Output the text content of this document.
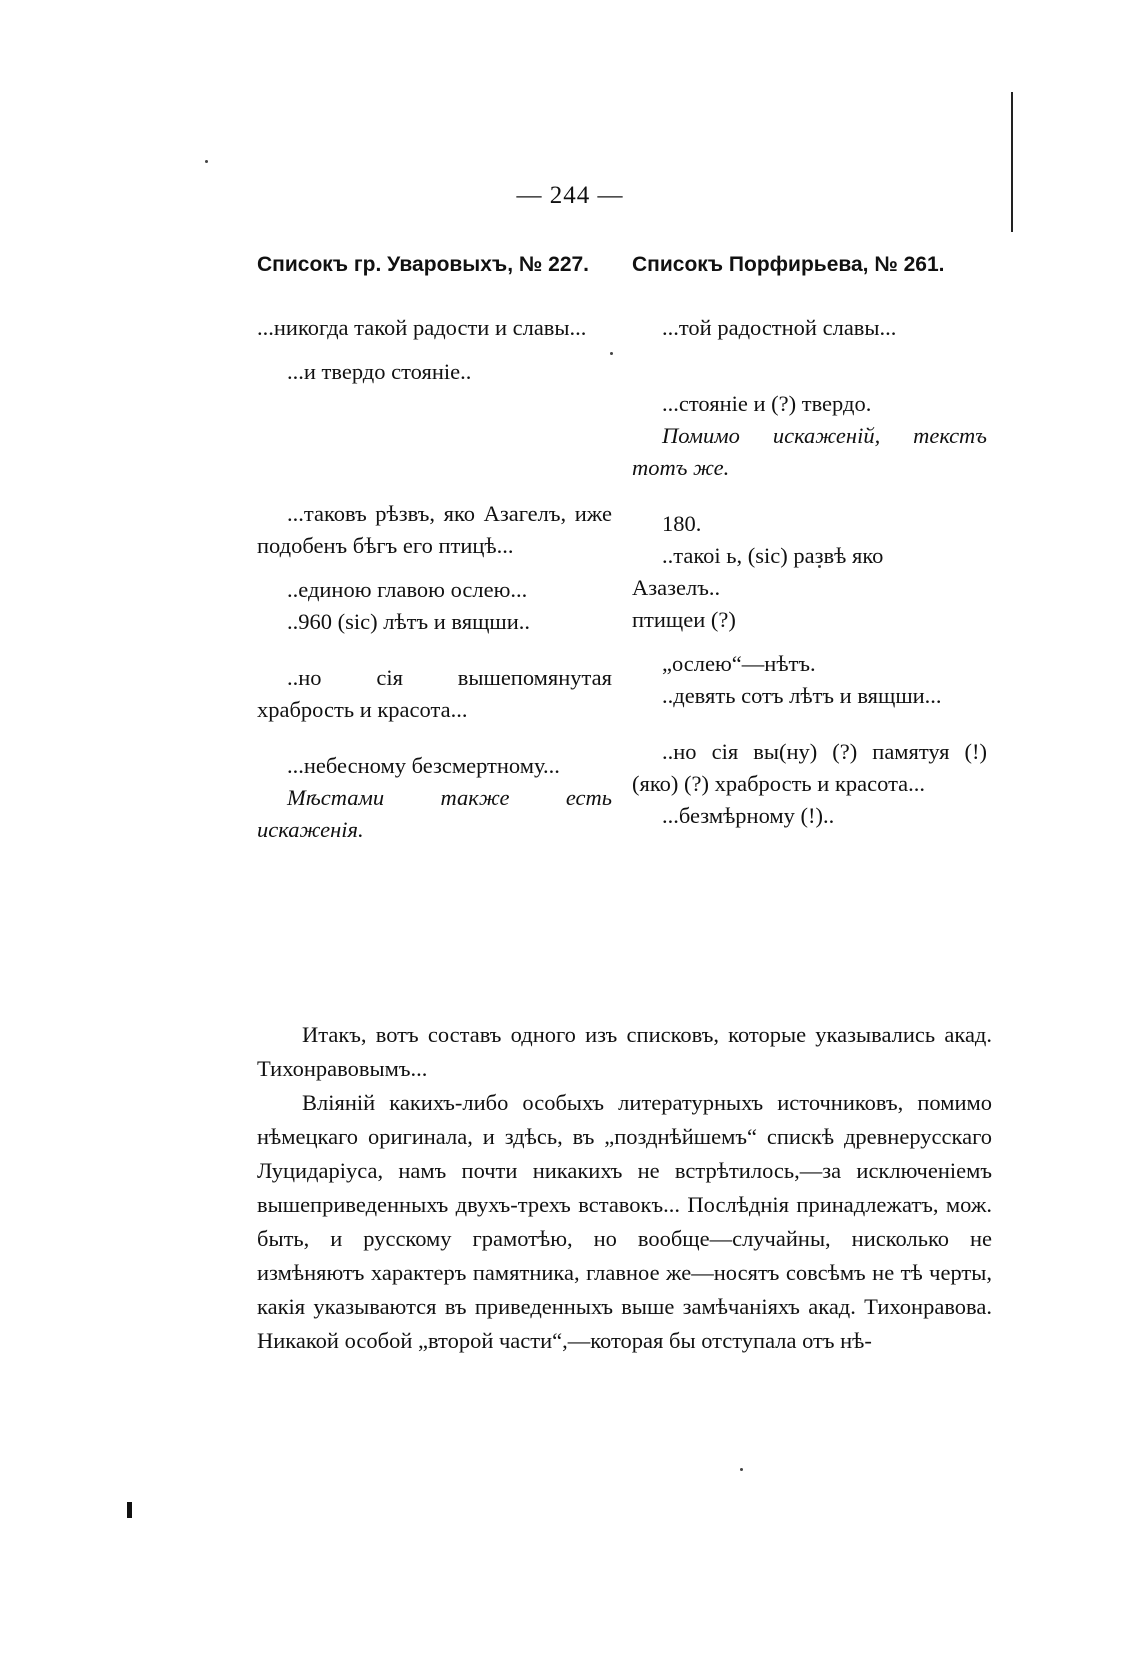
— 244 —
Списокъ гр. Уваровыхъ, № 227. Списокъ Порфирьева, № 261.

...никогда такой радости и славы...

...и твердо стояніе..

...таковъ рѣзвъ, яко Азагелъ, иже подобенъ бѣгъ его птицѣ...

..единою главою ослею...

..960 (sic) лѣтъ и вящши..

..но сія вышепомянутая храбрость и красота...

...небесному безсмертному...

Мѣстами также есть искаженія.

...той радостной славы...

...стояніе и (?) твердо.

Помимо искаженій, текстъ тотъ же.

180.

..такоі ь, (sic) развѣ яко

Азазелъ..

птищеи (?)

„ослею“—нѣтъ.

..девять сотъ лѣтъ и вящши...

..но сія вы(ну) (?) памятуя (!) (яко) (?) храбрость и красота...

...безмѣрному (!)..

Итакъ, вотъ составъ одного изъ списковъ, которые указывались акад. Тихонравовымъ...

Вліяній какихъ-либо особыхъ литературныхъ источниковъ, помимо нѣмецкаго оригинала, и здѣсь, въ „позднѣйшемъ“ спискѣ древнерусскаго Луцидаріуса, намъ почти никакихъ не встрѣтилось,—за исключеніемъ вышеприведенныхъ двухъ-трехъ вставокъ... Послѣднія принадлежатъ, мож. быть, и русскому грамотѣю, но вообще—случайны, нисколько не измѣняютъ характеръ памятника, главное же—носятъ совсѣмъ не тѣ черты, какія указываются въ приведенныхъ выше замѣчаніяхъ акад. Тихонравова. Никакой особой „второй части“,—которая бы отступала отъ нѣ-
